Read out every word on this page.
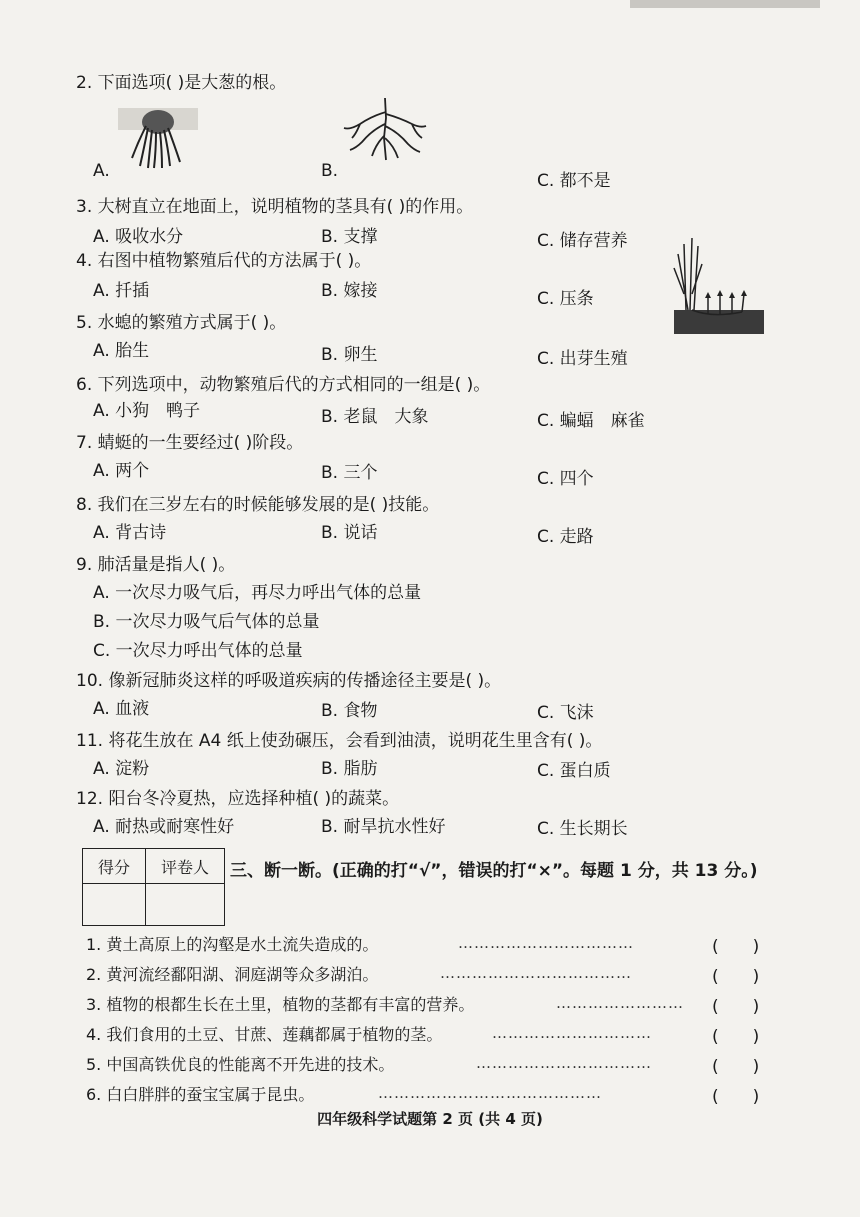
2. 下面选项( )是大葱的根。
A.	B.	C. 都不是
3. 大树直立在地面上，说明植物的茎具有( )的作用。
A. 吸收水分	B. 支撑	C. 储存营养
4. 右图中植物繁殖后代的方法属于( )。
A. 扦插	B. 嫁接	C. 压条
5. 水螅的繁殖方式属于( )。
A. 胎生	B. 卵生	C. 出芽生殖
6. 下列选项中，动物繁殖后代的方式相同的一组是( )。
A. 小狗　鸭子	B. 老鼠　大象	C. 蝙蝠　麻雀
7. 蜻蜓的一生要经过( )阶段。
A. 两个	B. 三个	C. 四个
8. 我们在三岁左右的时候能够发展的是( )技能。
A. 背古诗	B. 说话	C. 走路
9. 肺活量是指人( )。
A. 一次尽力吸气后，再尽力呼出气体的总量
B. 一次尽力吸气后气体的总量
C. 一次尽力呼出气体的总量
10. 像新冠肺炎这样的呼吸道疾病的传播途径主要是( )。
A. 血液	B. 食物	C. 飞沫
11. 将花生放在 A4 纸上使劲碾压，会看到油渍，说明花生里含有( )。
A. 淀粉	B. 脂肪	C. 蛋白质
12. 阳台冬冷夏热，应选择种植( )的蔬菜。
A. 耐热或耐寒性好	B. 耐旱抗水性好	C. 生长期长
得分	评卷人
	三、断一断。(正确的打“√”，错误的打“×”。每题 1 分，共 13 分。)
1. 黄土高原上的沟壑是水土流失造成的。	……………………………	(　　)
2. 黄河流经鄱阳湖、洞庭湖等众多湖泊。	………………………………	(　　)
3. 植物的根都生长在土里，植物的茎都有丰富的营养。	…………………… (　　)
4. 我们食用的土豆、甘蔗、莲藕都属于植物的茎。	…………………………	(　　)
5. 中国高铁优良的性能离不开先进的技术。	……………………………	(　　)
6. 白白胖胖的蚕宝宝属于昆虫。	……………………………………	(　　)
四年级科学试题第 2 页 (共 4 页)
